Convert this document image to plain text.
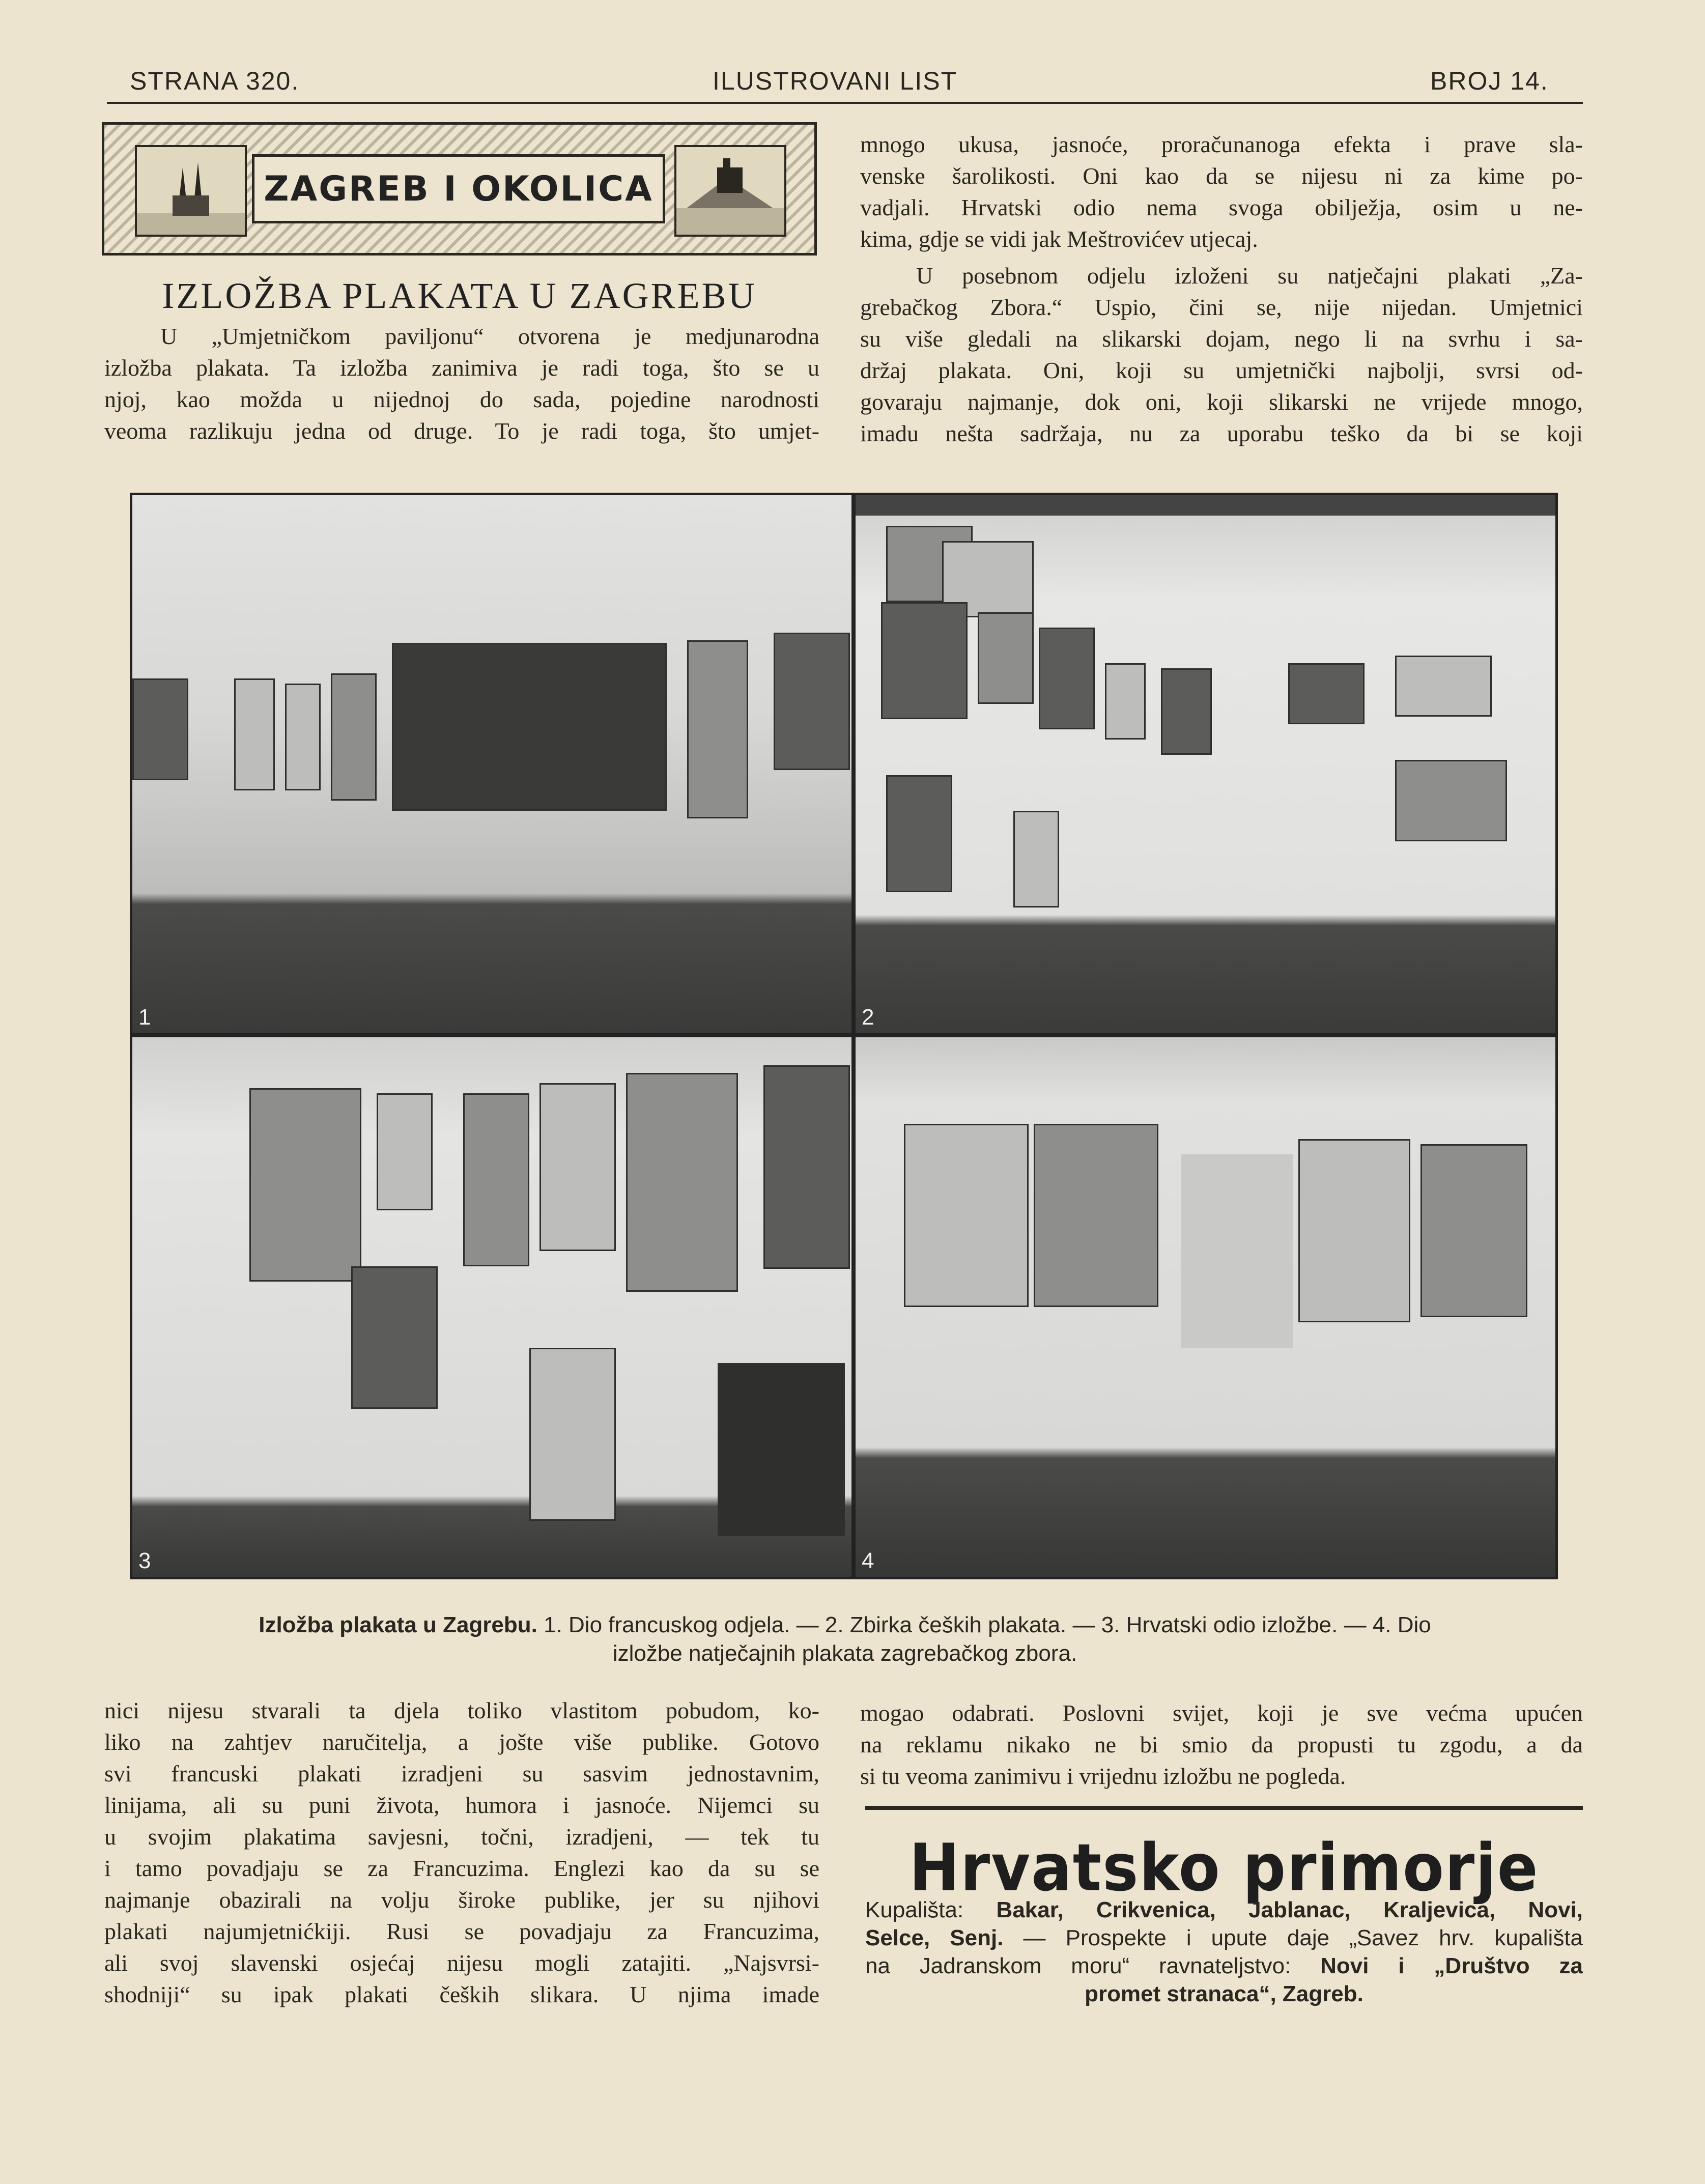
STRANA 320.	ILUSTROVANI LIST	BROJ 14.
ZAGREB I OKOLICA
IZLOŽBA PLAKATA U ZAGREBU

U „Umjetničkom paviljonu“ otvorena je medjunarodna

izložba plakata. Ta izložba zanimiva je radi toga, što se u

njoj, kao možda u nijednoj do sada, pojedine narodnosti

veoma razlikuju jedna od druge. To je radi toga, što umjet-

mnogo ukusa, jasnoće, proračunanoga efekta i prave sla-

venske šarolikosti. Oni kao da se nijesu ni za kime po-

vadjali. Hrvatski odio nema svoga obilježja, osim u ne-

kima, gdje se vidi jak Meštrovićev utjecaj.

U posebnom odjelu izloženi su natječajni plakati „Za-

grebačkog Zbora.“ Uspio, čini se, nije nijedan. Umjetnici

su više gledali na slikarski dojam, nego li na svrhu i sa-

držaj plakata. Oni, koji su umjetnički najbolji, svrsi od-

govaraju najmanje, dok oni, koji slikarski ne vrijede mnogo,

imadu nešta sadržaja, nu za uporabu teško da bi se koji

1	2
3	4
Izložba plakata u Zagrebu. 1. Dio francuskog odjela. — 2. Zbirka čeških plakata. — 3. Hrvatski odio izložbe. — 4. Dio
izložbe natječajnih plakata zagrebačkog zbora.

nici nijesu stvarali ta djela toliko vlastitom pobudom, ko-

liko na zahtjev naručitelja, a jošte više publike. Gotovo

svi francuski plakati izradjeni su sasvim jednostavnim,

linijama, ali su puni života, humora i jasnoće. Nijemci su

u svojim plakatima savjesni, točni, izradjeni, — tek tu

i tamo povadjaju se za Francuzima. Englezi kao da su se

najmanje obazirali na volju široke publike, jer su njihovi

plakati najumjetnićkiji. Rusi se povadjaju za Francuzima,

ali svoj slavenski osjećaj nijesu mogli zatajiti. „Najsvrsi-

shodniji“ su ipak plakati čeških slikara. U njima imade

mogao odabrati. Poslovni svijet, koji je sve većma upućen

na reklamu nikako ne bi smio da propusti tu zgodu, a da

si tu veoma zanimivu i vrijednu izložbu ne pogleda.

Hrvatsko primorje
Kupališta: Bakar, Crikvenica, Jablanac, Kraljevica, Novi,
Selce, Senj. — Prospekte i upute daje „Savez hrv. kupališta
na Jadranskom moru“ ravnateljstvo: Novi i „Društvo za
promet stranaca“, Zagreb.
